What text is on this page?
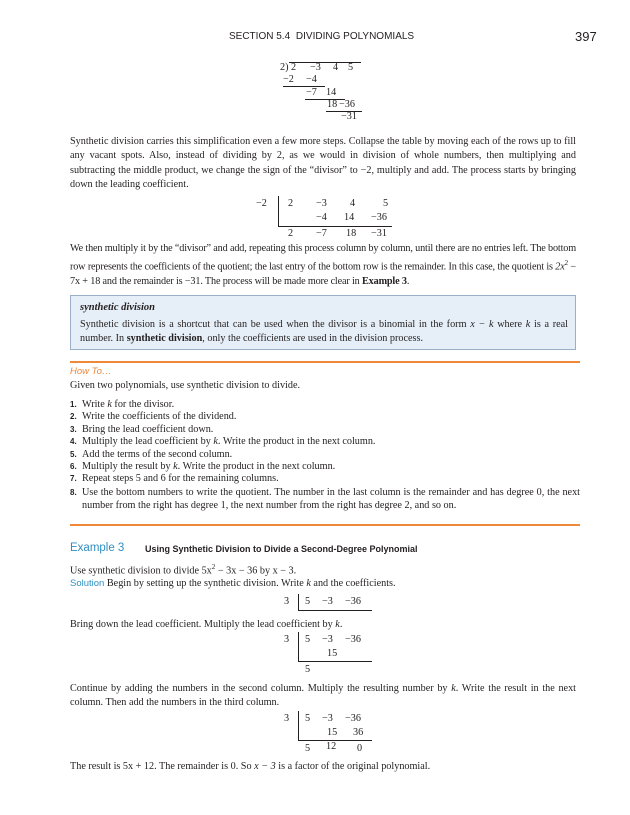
SECTION 5.4 DIVIDING POLYNOMIALS	397
2) 2 −3 4 5
−2 −4
−7 14
18 −36
−31
Synthetic division carries this simplification even a few more steps. Collapse the table by moving each of the rows up to fill any vacant spots. Also, instead of dividing by 2, as we would in division of whole numbers, then multiplying and subtracting the middle product, we change the sign of the “divisor” to −2, multiply and add. The process starts by bringing down the leading coefficient.
−2 2 −3 4	5
−4 14 −36
2 −7 18 −31
We then multiply it by the “divisor” and add, repeating this process column by column, until there are no entries left. The bottom row represents the coefficients of the quotient; the last entry of the bottom row is the remainder. In this case, the quotient is $2x^2 - 7x + 18$ and the remainder is −31. The process will be made more clear in Example 3.
synthetic division
Synthetic division is a shortcut that can be used when the divisor is a binomial in the form x − k where k is a real number. In synthetic division, only the coefficients are used in the division process.
How To…
Given two polynomials, use synthetic division to divide.
1. Write k for the divisor.
2. Write the coefficients of the dividend.
3. Bring the lead coefficient down.
4. Multiply the lead coefficient by k. Write the product in the next column.
5. Add the terms of the second column.
6. Multiply the result by k. Write the product in the next column.
7. Repeat steps 5 and 6 for the remaining columns.
8. Use the bottom numbers to write the quotient. The number in the last column is the remainder and has degree 0, the next number from the right has degree 1, the next number from the right has degree 2, and so on.
Example 3 Using Synthetic Division to Divide a Second-Degree Polynomial
Use synthetic division to divide $5x^2 - 3x - 36$ by x − 3.
Solution Begin by setting up the synthetic division. Write k and the coefficients.
3 5 −3 −36
Bring down the lead coefficient. Multiply the lead coefficient by k.
3 5 −3 −36
15
5
Continue by adding the numbers in the second column. Multiply the resulting number by k. Write the result in the next column. Then add the numbers in the third column.
3 5 −3 −36
15 36
5 12 0
The result is 5x + 12. The remainder is 0. So x − 3 is a factor of the original polynomial.
